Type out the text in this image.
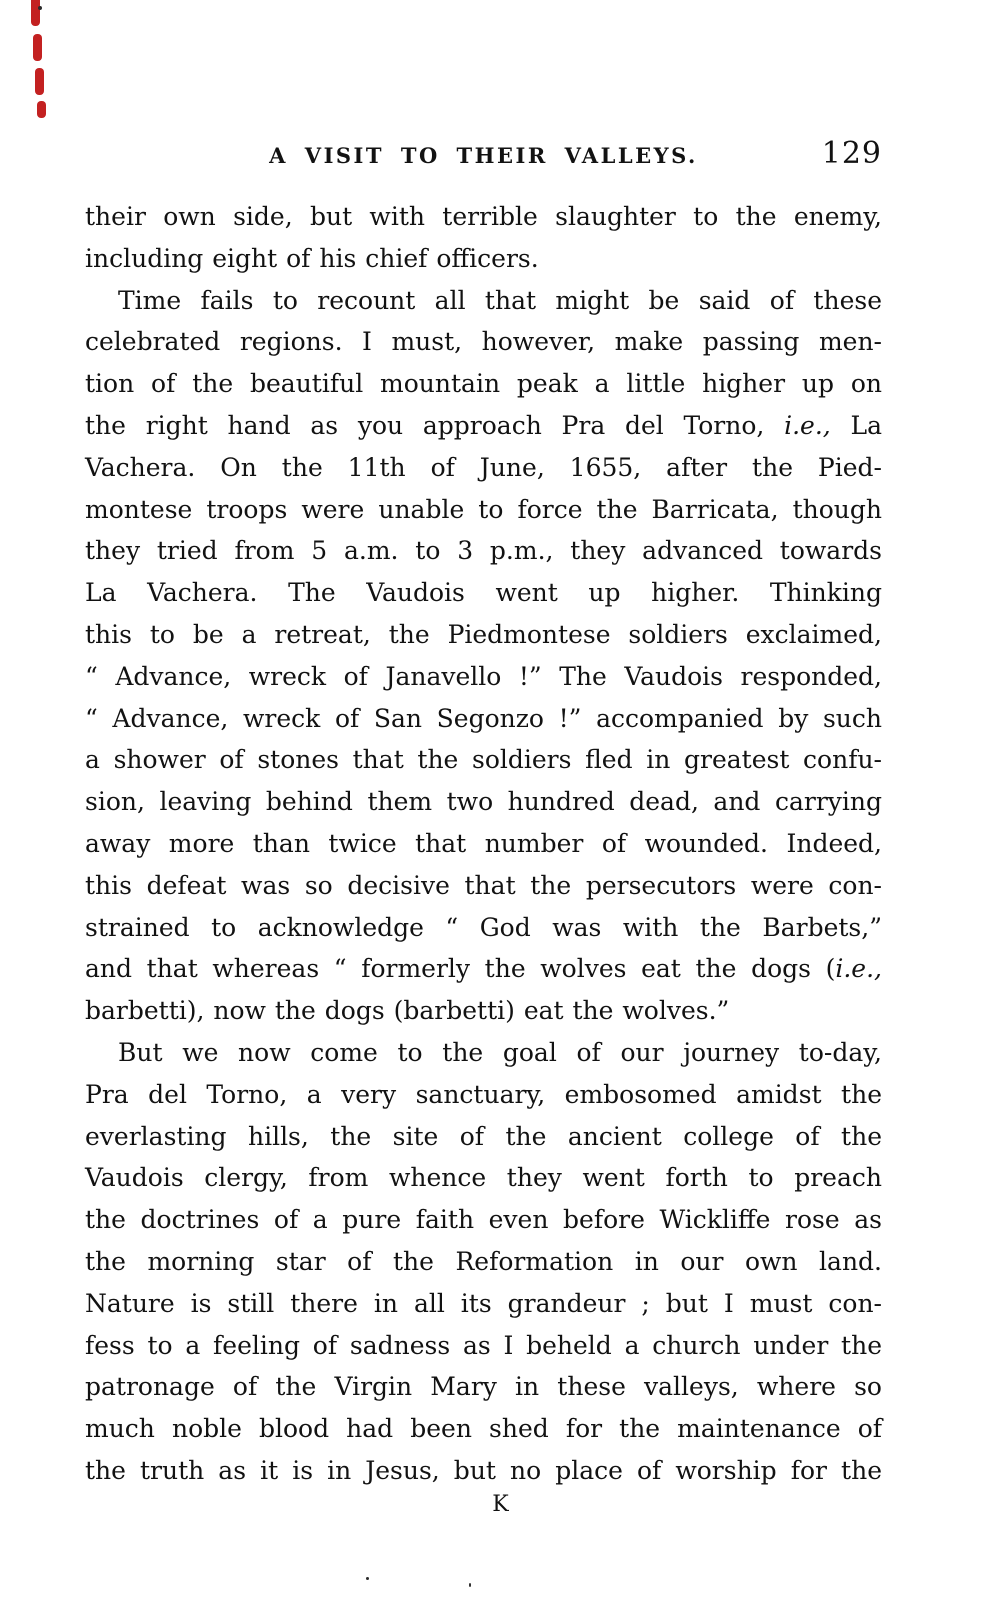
A VISIT TO THEIR VALLEYS.	129
their own side, but with terrible slaughter to the enemy,
including eight of his chief officers.
Time fails to recount all that might be said of these
celebrated regions. I must, however, make passing men-
tion of the beautiful mountain peak a little higher up on
the right hand as you approach Pra del Torno, i.e., La
Vachera. On the 11th of June, 1655, after the Pied-
montese troops were unable to force the Barricata, though
they tried from 5 a.m. to 3 p.m., they advanced towards
La Vachera. The Vaudois went up higher. Thinking
this to be a retreat, the Piedmontese soldiers exclaimed,
“ Advance, wreck of Janavello !” The Vaudois responded,
“ Advance, wreck of San Segonzo !” accompanied by such
a shower of stones that the soldiers fled in greatest confu-
sion, leaving behind them two hundred dead, and carrying
away more than twice that number of wounded. Indeed,
this defeat was so decisive that the persecutors were con-
strained to acknowledge “ God was with the Barbets,”
and that whereas “ formerly the wolves eat the dogs (i.e.,
barbetti), now the dogs (barbetti) eat the wolves.”
But we now come to the goal of our journey to-day,
Pra del Torno, a very sanctuary, embosomed amidst the
everlasting hills, the site of the ancient college of the
Vaudois clergy, from whence they went forth to preach
the doctrines of a pure faith even before Wickliffe rose as
the morning star of the Reformation in our own land.
Nature is still there in all its grandeur ; but I must con-
fess to a feeling of sadness as I beheld a church under the
patronage of the Virgin Mary in these valleys, where so
much noble blood had been shed for the maintenance of
the truth as it is in Jesus, but no place of worship for the
K
